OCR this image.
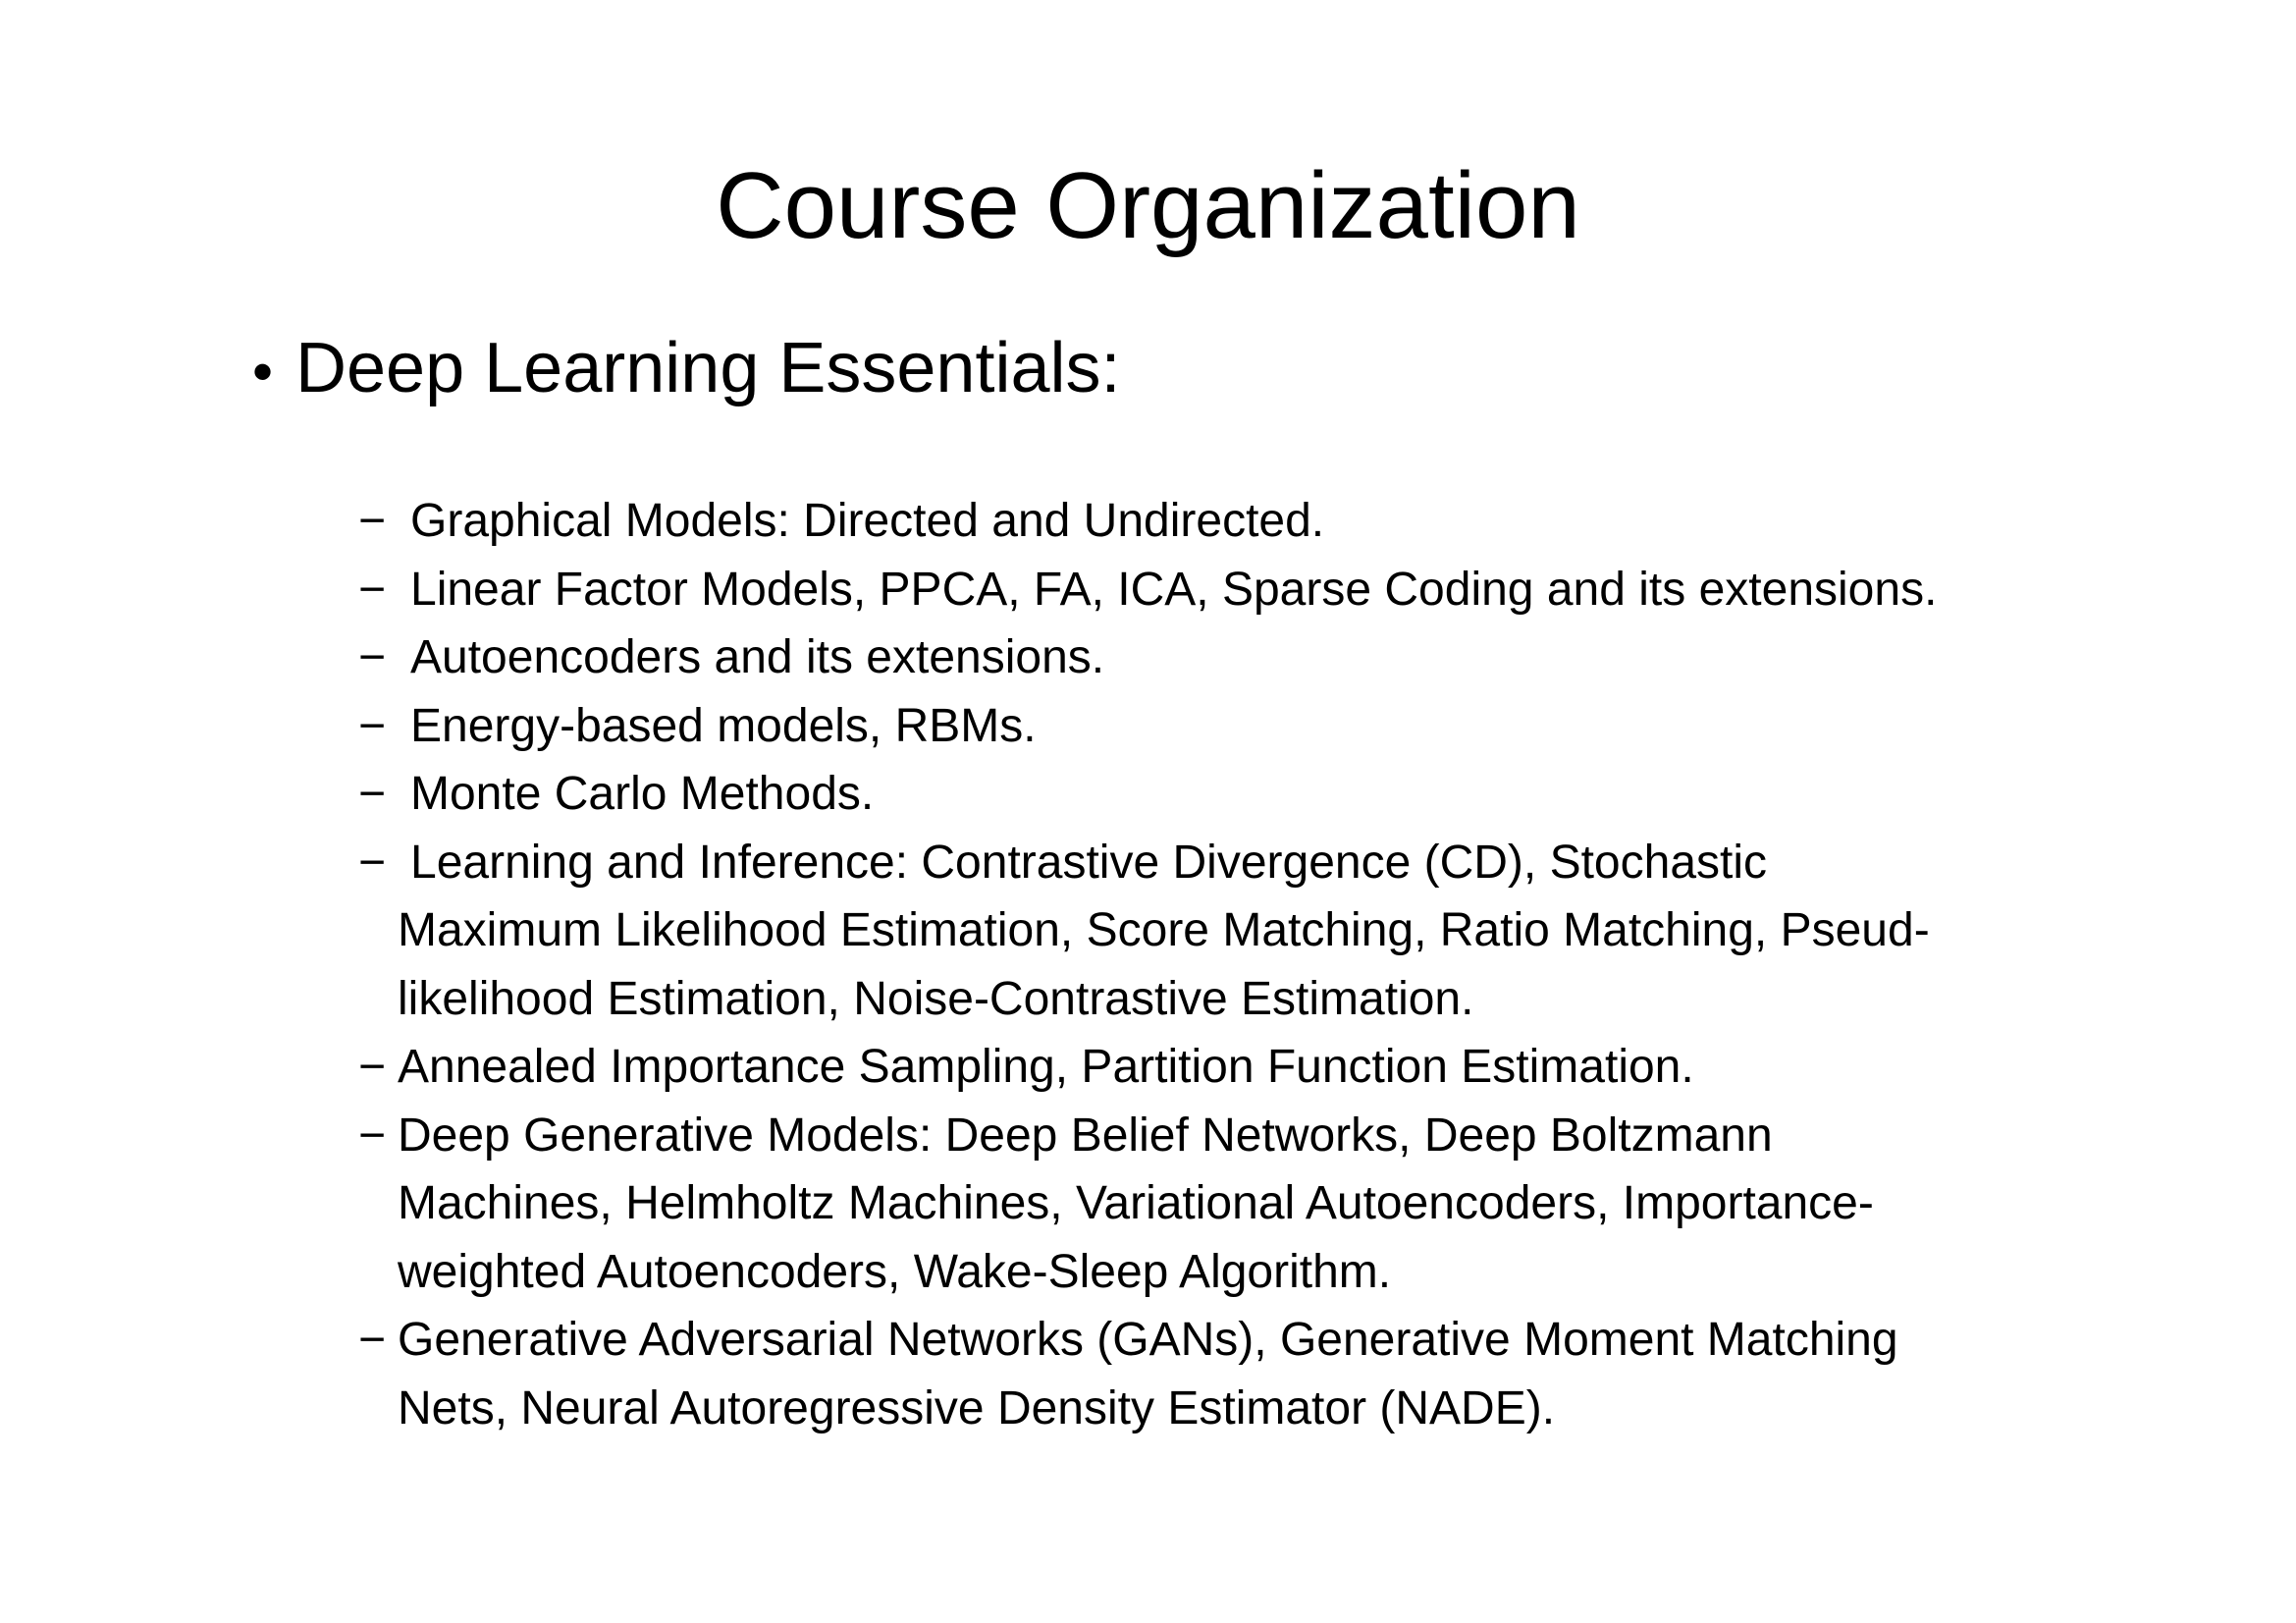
Course Organization
• Deep Learning Essentials:
− Graphical Models: Directed and Undirected.
− Linear Factor Models, PPCA, FA, ICA, Sparse Coding and its extensions.
− Autoencoders and its extensions.
− Energy-based models, RBMs.
− Monte Carlo Methods.
− Learning and Inference: Contrastive Divergence (CD), Stochastic
Maximum Likelihood Estimation, Score Matching, Ratio Matching, Pseud-
likelihood Estimation, Noise-Contrastive Estimation.
− Annealed Importance Sampling, Partition Function Estimation.
− Deep Generative Models: Deep Belief Networks, Deep Boltzmann
Machines, Helmholtz Machines, Variational Autoencoders, Importance-
weighted Autoencoders, Wake-Sleep Algorithm.
− Generative Adversarial Networks (GANs), Generative Moment Matching
Nets, Neural Autoregressive Density Estimator (NADE).
